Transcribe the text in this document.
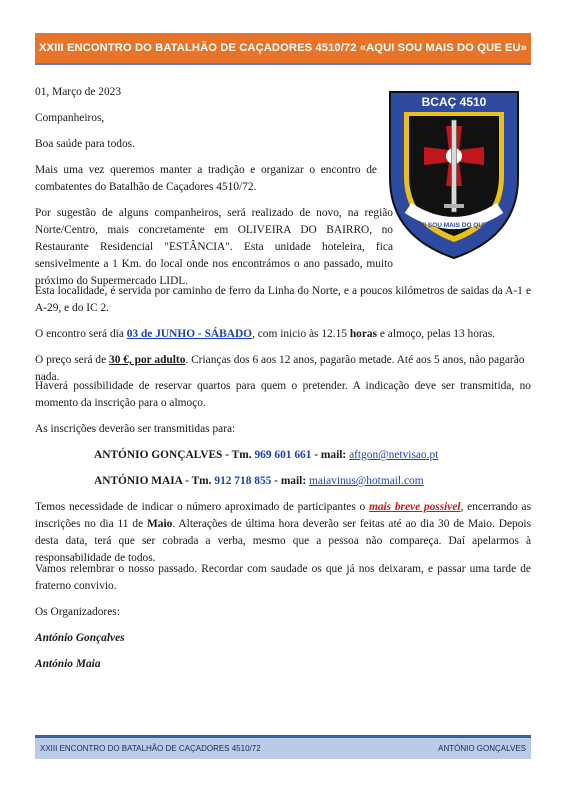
XXIII ENCONTRO DO BATALHÃO DE CAÇADORES 4510/72 «AQUI SOU MAIS DO QUE EU»

01, Março de 2023

Companheiros,

Boa saúde para todos.

Mais uma vez queremos manter a tradição e organizar o encontro de combatentes do Batalhão de Caçadores 4510/72.

Por sugestão de alguns companheiros, será realizado de novo, na região Norte/Centro, mais concretamente em OLIVEIRA DO BAIRRO, no Restaurante Residencial "ESTÂNCIA". Esta unidade hoteleira, fica sensivelmente a 1 Km. do local onde nos encontrámos o ano passado, muito próximo do Supermercado LIDL.

Esta localidade, é servida por caminho de ferro da Linha do Norte, e a poucos kilómetros de saidas da A-1 e A-29, e do IC 2.

O encontro será dia 03 de JUNHO - SÁBADO, com inicio às 12.15 horas e almoço, pelas 13 horas.

O preço será de 30 €, por adulto. Crianças dos 6 aos 12 anos, pagarão metade. Até aos 5 anos, não pagarão nada.

Haverá possibilidade de reservar quartos para quem o pretender. A indicação deve ser transmitida, no momento da inscrição para o almoço.

As inscrições deverão ser transmitidas para:

ANTÓNIO GONÇALVES - Tm. 969 601 661 - mail: aftgon@netvisao.pt

ANTÓNIO MAIA - Tm. 912 718 855 - mail: maiavinus@hotmail.com

Temos necessidade de indicar o número aproximado de participantes o mais breve possivel, encerrando as inscrições no dia 11 de Maio. Alterações de última hora deverão ser feitas até ao dia 30 de Maio. Depois desta data, terá que ser cobrada a verba, mesmo que a pessoa não compareça. Daí apelarmos à responsabilidade de todos.

Vamos relembrar o nosso passado. Recordar com saudade os que já nos deixaram, e passar uma tarde de fraterno convivio.

Os Organizadores:

António Gonçalves

António Maia

BCAÇ 4510
AQUI SOU MAIS DO QUE EU
XXIII ENCONTRO DO BATALHÃO DE CAÇADORES 4510/72	ANTÓNIO GONÇALVES
